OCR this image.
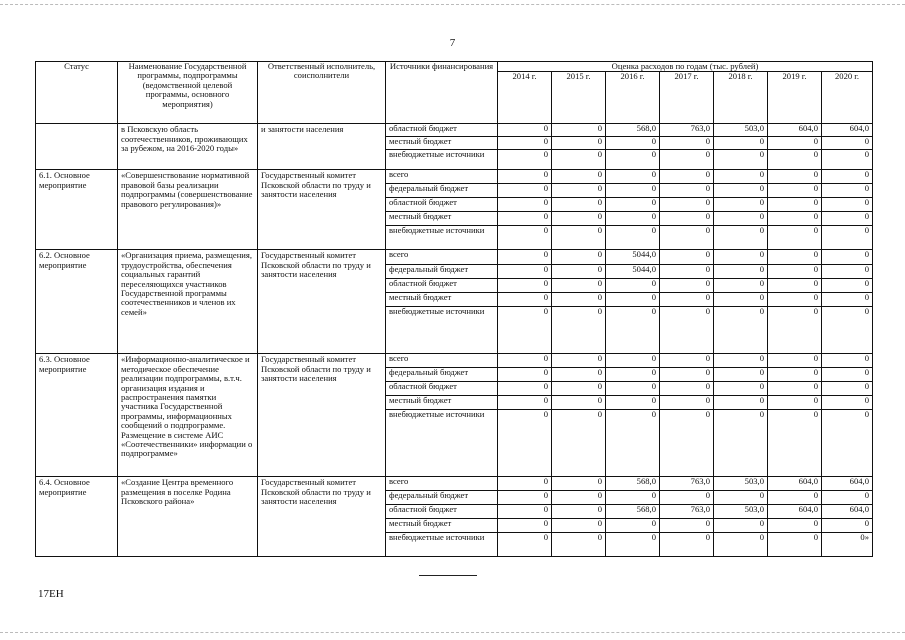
7
Статус	Наименование Государственной программы, подпрограммы (ведомственной целевой программы, основного мероприятия)	Ответственный исполнитель, соисполнители	Источники финансирования	Оценка расходов по годам (тыс. рублей)						
				2014 г.	2015 г.	2016 г.	2017 г.	2018 г.	2019 г.	2020 г.
	в Псковскую область соотечественников, проживающих за рубежом, на 2016-2020 годы»	и занятости населения	областной бюджет	0	0	568,0	763,0	503,0	604,0	604,0
			местный бюджет	0	0	0	0	0	0	0
			внебюджетные источники	0	0	0	0	0	0	0
6.1. Основное мероприятие	«Совершенствование нормативной правовой базы реализации подпрограммы (совершенствование правового регулирования)»	Государственный комитет Псковской области по труду и занятости населения	всего	0	0	0	0	0	0	0
			федеральный бюджет	0	0	0	0	0	0	0
			областной бюджет	0	0	0	0	0	0	0
			местный бюджет	0	0	0	0	0	0	0
			внебюджетные источники	0	0	0	0	0	0	0
6.2. Основное мероприятие	«Организация приема, размещения, трудоустройства, обеспечения социальных гарантий переселяющихся участников Государственной программы соотечественников и членов их семей»	Государственный комитет Псковской области по труду и занятости населения	всего	0	0	5044,0	0	0	0	0
			федеральный бюджет	0	0	5044,0	0	0	0	0
			областной бюджет	0	0	0	0	0	0	0
			местный бюджет	0	0	0	0	0	0	0
			внебюджетные источники	0	0	0	0	0	0	0
6.3. Основное мероприятие	«Информационно-аналитическое и методическое обеспечение реализации подпрограммы, в.т.ч. организация издания и распространения памятки участника Государственной программы, информационных сообщений о подпрограмме. Размещение в системе АИС «Соотечественники» информации о подпрограмме»	Государственный комитет Псковской области по труду и занятости населения	всего	0	0	0	0	0	0	0
			федеральный бюджет	0	0	0	0	0	0	0
			областной бюджет	0	0	0	0	0	0	0
			местный бюджет	0	0	0	0	0	0	0
			внебюджетные источники	0	0	0	0	0	0	0
6.4. Основное мероприятие	«Создание Центра временного размещения в поселке Родина Псковского района»	Государственный комитет Псковской области по труду и занятости населения	всего	0	0	568,0	763,0	503,0	604,0	604,0
			федеральный бюджет	0	0	0	0	0	0	0
			областной бюджет	0	0	568,0	763,0	503,0	604,0	604,0
			местный бюджет	0	0	0	0	0	0	0
			внебюджетные источники	0	0	0	0	0	0	0»
17ЕН
